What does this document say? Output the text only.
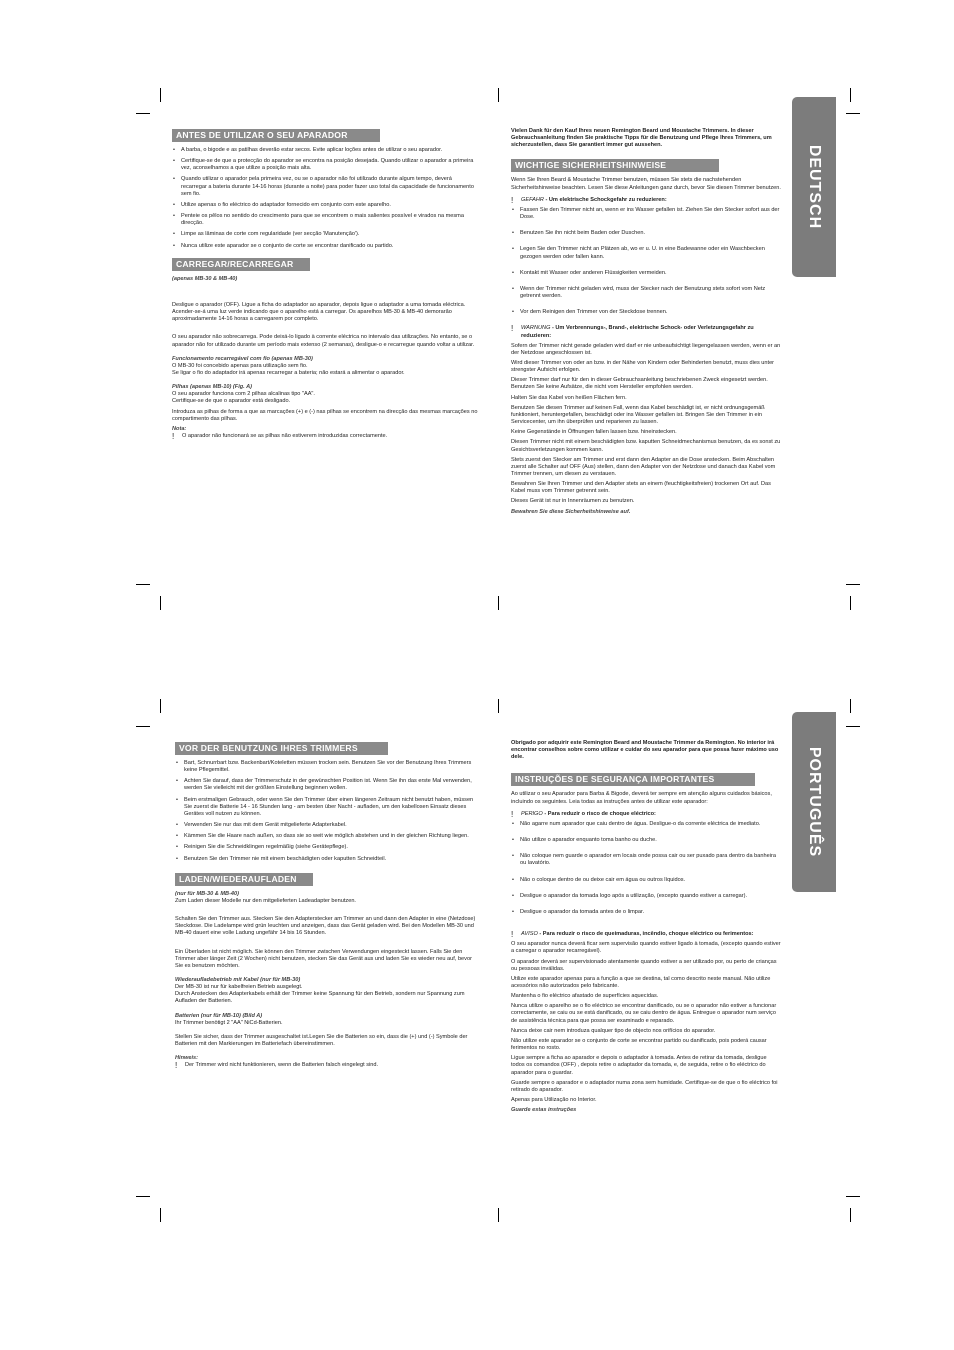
DEUTSCH
PORTUGUÊS
ANTES DE UTILIZAR O SEU APARADOR
• A barba, o bigode e as patilhas deverão estar secos. Evite aplicar loções antes de utilizar o seu aparador.
• Certifique-se de que a protecção do aparador se encontra na posição desejada. Quando utilizar o aparador a primeira vez, aconselhamos a que utilize a posição mais alta.
• Quando utilizar o aparador pela primeira vez, ou se o aparador não foi utilizado durante algum tempo, deverá recarregar a bateria durante 14-16 horas (durante a noite) para poder fazer uso total da capacidade de funcionamento sem fio.
• Utilize apenas o fio eléctrico do adaptador fornecido em conjunto com este aparelho.
• Penteie os pêlos no sentido do crescimento para que se encontrem o mais salientes possível e virados na mesma direcção.
• Limpe as lâminas de corte com regularidade (ver secção 'Manutenção').
• Nunca utilize este aparador se o conjunto de corte se encontrar danificado ou partido.
CARREGAR/RECARREGAR

(apenas MB-30 & MB-40)

Desligue o aparador (OFF). Ligue a ficha do adaptador ao aparador, depois ligue o adaptador a uma tomada eléctrica. Acender-se-á uma luz verde indicando que o aparelho está a carregar. Os aparelhos MB-30 & MB-40 demorarão aproximadamente 14-16 horas a carregarem por completo.

O seu aparador não sobrecarrega. Pode deixá-lo ligado à corrente eléctrica no intervalo das utilizações. No entanto, se o aparador não for utilizado durante um período mais extenso (2 semanas), desligue-o e recarregue quando voltar a utilizar.

Funcionamento recarregável com fio (apenas MB-30)

O MB-30 foi concebido apenas para utilização sem fio.

Se ligar o fio do adaptador irá apenas recarregar a bateria; não estará a alimentar o aparador.

Pilhas (apenas MB-10) (Fig. A)

O seu aparador funciona com 2 pilhas alcalinas tipo "AA".

Certifique-se de que o aparador está desligado.

Introduza as pilhas de forma a que as marcações (+) e (-) nas pilhas se encontrem na direcção das mesmas marcações no compartimento das pilhas.

Nota:

! O aparador não funcionará se as pilhas não estiverem introduzidas correctamente.

Vielen Dank für den Kauf Ihres neuen Remington Beard und Moustache Trimmers. In dieser Gebrauchsanleitung finden Sie praktische Tipps für die Benutzung und Pflege Ihres Trimmers, um sicherzustellen, dass Sie garantiert immer gut aussehen.

WICHTIGE SICHERHEITSHINWEISE

Wenn Sie Ihren Beard & Moustache Trimmer benutzen, müssen Sie stets die nachstehenden Sicherheitshinweise beachten. Lesen Sie diese Anleitungen ganz durch, bevor Sie diesen Trimmer benutzen.

! GEFAHR - Um elektrische Schockgefahr zu reduzieren:
• Fassen Sie den Trimmer nicht an, wenn er ins Wasser gefallen ist. Ziehen Sie den Stecker sofort aus der Dose.
• Benutzen Sie ihn nicht beim Baden oder Duschen.
• Legen Sie den Trimmer nicht an Plätzen ab, wo er u. U. in eine Badewanne oder ein Waschbecken gezogen werden oder fallen kann.
• Kontakt mit Wasser oder anderen Flüssigkeiten vermeiden.
• Wenn der Trimmer nicht geladen wird, muss der Stecker nach der Benutzung stets sofort vom Netz getrennt werden.
• Vor dem Reinigen den Trimmer von der Steckdose trennen.
! WARNUNG - Um Verbrennungs-, Brand-, elektrische Schock- oder Verletzungsgefahr zu reduzieren:

Sofern der Trimmer nicht gerade geladen wird darf er nie unbeaufsichtigt liegengelassen werden, wenn er an der Netzdose angeschlossen ist.

Wird dieser Trimmer von oder an bzw. in der Nähe von Kindern oder Behinderten benutzt, muss dies unter strengster Aufsicht erfolgen.

Dieser Trimmer darf nur für den in dieser Gebrauchsanleitung beschriebenen Zweck eingesetzt werden. Benutzen Sie keine Aufsätze, die nicht vom Hersteller empfohlen werden.

Halten Sie das Kabel von heißen Flächen fern.

Benutzen Sie diesen Trimmer auf keinen Fall, wenn das Kabel beschädigt ist, er nicht ordnungsgemäß funktioniert, heruntergefallen, beschädigt oder ins Wasser gefallen ist. Bringen Sie den Trimmer in ein Servicecenter, um ihn überprüfen und reparieren zu lassen.

Keine Gegenstände in Öffnungen fallen lassen bzw. hineinstecken.

Diesen Trimmer nicht mit einem beschädigten bzw. kaputten Schneidmechanismus benutzen, da es sonst zu Gesichtsverletzungen kommen kann.

Stets zuerst den Stecker am Trimmer und erst dann den Adapter an die Dose anstecken. Beim Abschalten zuerst alle Schalter auf OFF (Aus) stellen, dann den Adapter von der Netzdose und danach das Kabel vom Trimmer trennen, um diesen zu verstauen.

Bewahren Sie Ihren Trimmer und den Adapter stets an einem (feuchtigkeitsfreien) trockenen Ort auf. Das Kabel muss vom Trimmer getrennt sein.

Dieses Gerät ist nur in Innenräumen zu benutzen.

Bewahren Sie diese Sicherheitshinweise auf.

VOR DER BENUTZUNG IHRES TRIMMERS
• Bart, Schnurrbart bzw. Backenbart/Koteletten müssen trocken sein. Benutzen Sie vor der Benutzung Ihres Trimmers keine Pflegemittel.
• Achten Sie darauf, dass der Trimmerschutz in der gewünschten Position ist. Wenn Sie ihn das erste Mal verwenden, werden Sie vielleicht mit der größten Einstellung beginnen wollen.
• Beim erstmaligen Gebrauch, oder wenn Sie den Trimmer über einen längeren Zeitraum nicht benutzt haben, müssen Sie zuerst die Batterie 14 - 16 Stunden lang - am besten über Nacht - aufladen, um den kabellosen Einsatz dieses Gerätes voll nutzen zu können.
• Verwenden Sie nur das mit dem Gerät mitgelieferte Adapterkabel.
• Kämmen Sie die Haare nach außen, so dass sie so weit wie möglich abstehen und in der gleichen Richtung liegen.
• Reinigen Sie die Schneidklingen regelmäßig (siehe Gerätepflege).
• Benutzen Sie den Trimmer nie mit einem beschädigten oder kaputten Schneidteil.
LADEN/WIEDERAUFLADEN

(nur für MB-30 & MB-40)

Zum Laden dieser Modelle nur den mitgelieferten Ladeadapter benutzen.

Schalten Sie den Trimmer aus. Stecken Sie den Adapterstecker am Trimmer an und dann den Adapter in eine (Netzdose) Steckdose. Die Ladelampe wird grün leuchten und anzeigen, dass das Gerät geladen wird. Bei den Modellen MB-30 und MB-40 dauert eine volle Ladung ungefähr 14 bis 16 Stunden.

Ein Überladen ist nicht möglich. Sie können den Trimmer zwischen Verwendungen eingesteckt lassen. Falls Sie den Trimmer aber länger Zeit (2 Wochen) nicht benutzen, stecken Sie das Gerät aus und laden Sie es wieder neu auf, bevor Sie es benutzen möchten.

Wiederaufladebetrieb mit Kabel (nur für MB-30)

Der MB-30 ist nur für kabelfreien Betrieb ausgelegt.

Durch Anstecken des Adapterkabels erhält der Trimmer keine Spannung für den Betrieb, sondern nur Spannung zum Aufladen der Batterien.

Batterien (nur für MB-10) (Bild A)

Ihr Trimmer benötigt 2 "AA" NiCd-Batterien.

Stellen Sie sicher, dass der Trimmer ausgeschaltet ist.Legen Sie die Batterien so ein, dass die (+) und (-) Symbole der Batterien mit den Markierungen im Batteriefach übereinstimmen.

Hinweis:

! Der Trimmer wird nicht funktionieren, wenn die Batterien falsch eingelegt sind.

Obrigado por adquirir este Remington Beard and Moustache Trimmer da Remington. No interior irá encontrar conselhos sobre como utilizar e cuidar do seu aparador para que possa fazer máximo uso dele.

INSTRUÇÕES DE SEGURANÇA IMPORTANTES

Ao utilizar o seu Aparador para Barba & Bigode, deverá ter sempre em atenção alguns cuidados básicos, incluindo os seguintes. Leia todas as instruções antes de utilizar este aparador:

! PERIGO - Para reduzir o risco de choque eléctrico:
• Não agarre num aparador que caiu dentro de água. Desligue-o da corrente eléctrica de imediato.
• Não utilize o aparador enquanto toma banho ou duche.
• Não coloque nem guarde o aparador em locais onde possa cair ou ser puxado para dentro da banheira ou lavatório.
• Não o coloque dentro de ou deixe cair em água ou outros líquidos.
• Desligue o aparador da tomada logo após a utilização, (excepto quando estiver a carregar).
• Desligue o aparador da tomada antes de o limpar.
! AVISO - Para reduzir o risco de queimaduras, incêndio, choque eléctrico ou ferimentos:

O seu aparador nunca deverá ficar sem supervisão quando estiver ligado à tomada, (excepto quando estiver a carregar o aparador recarregável).

O aparador deverá ser supervisionado atentamente quando estiver a ser utilizado por, ou perto de crianças ou pessoas inválidas.

Utilize este aparador apenas para a função a que se destina, tal como descrito neste manual. Não utilize acessórios não autorizados pelo fabricante.

Mantenha o fio eléctrico afastado de superfícies aquecidas.

Nunca utilize o aparelho se o fio eléctrico se encontrar danificado, ou se o aparador não estiver a funcionar correctamente, se caiu ou se está danificado, ou se caiu dentro de água. Entregue o aparador num serviço de assistência técnica para que possa ser examinado e reparado.

Nunca deixe cair nem introduza qualquer tipo de objecto nos orifícios do aparador.

Não utilize este aparador se o conjunto de corte se encontrar partido ou danificado, pois poderá causar ferimentos no rosto.

Ligue sempre a ficha ao aparador e depois o adaptador à tomada. Antes de retirar da tomada, desligue todos os comandos (OFF) , depois retire o adaptador da tomada, e, de seguida, retire o fio eléctrico do aparador para o guardar.

Guarde sempre o aparador e o adaptador numa zona sem humidade. Certifique-se de que o fio eléctrico foi retirado do aparador.

Apenas para Utilização no Interior.

Guarde estas instruções
